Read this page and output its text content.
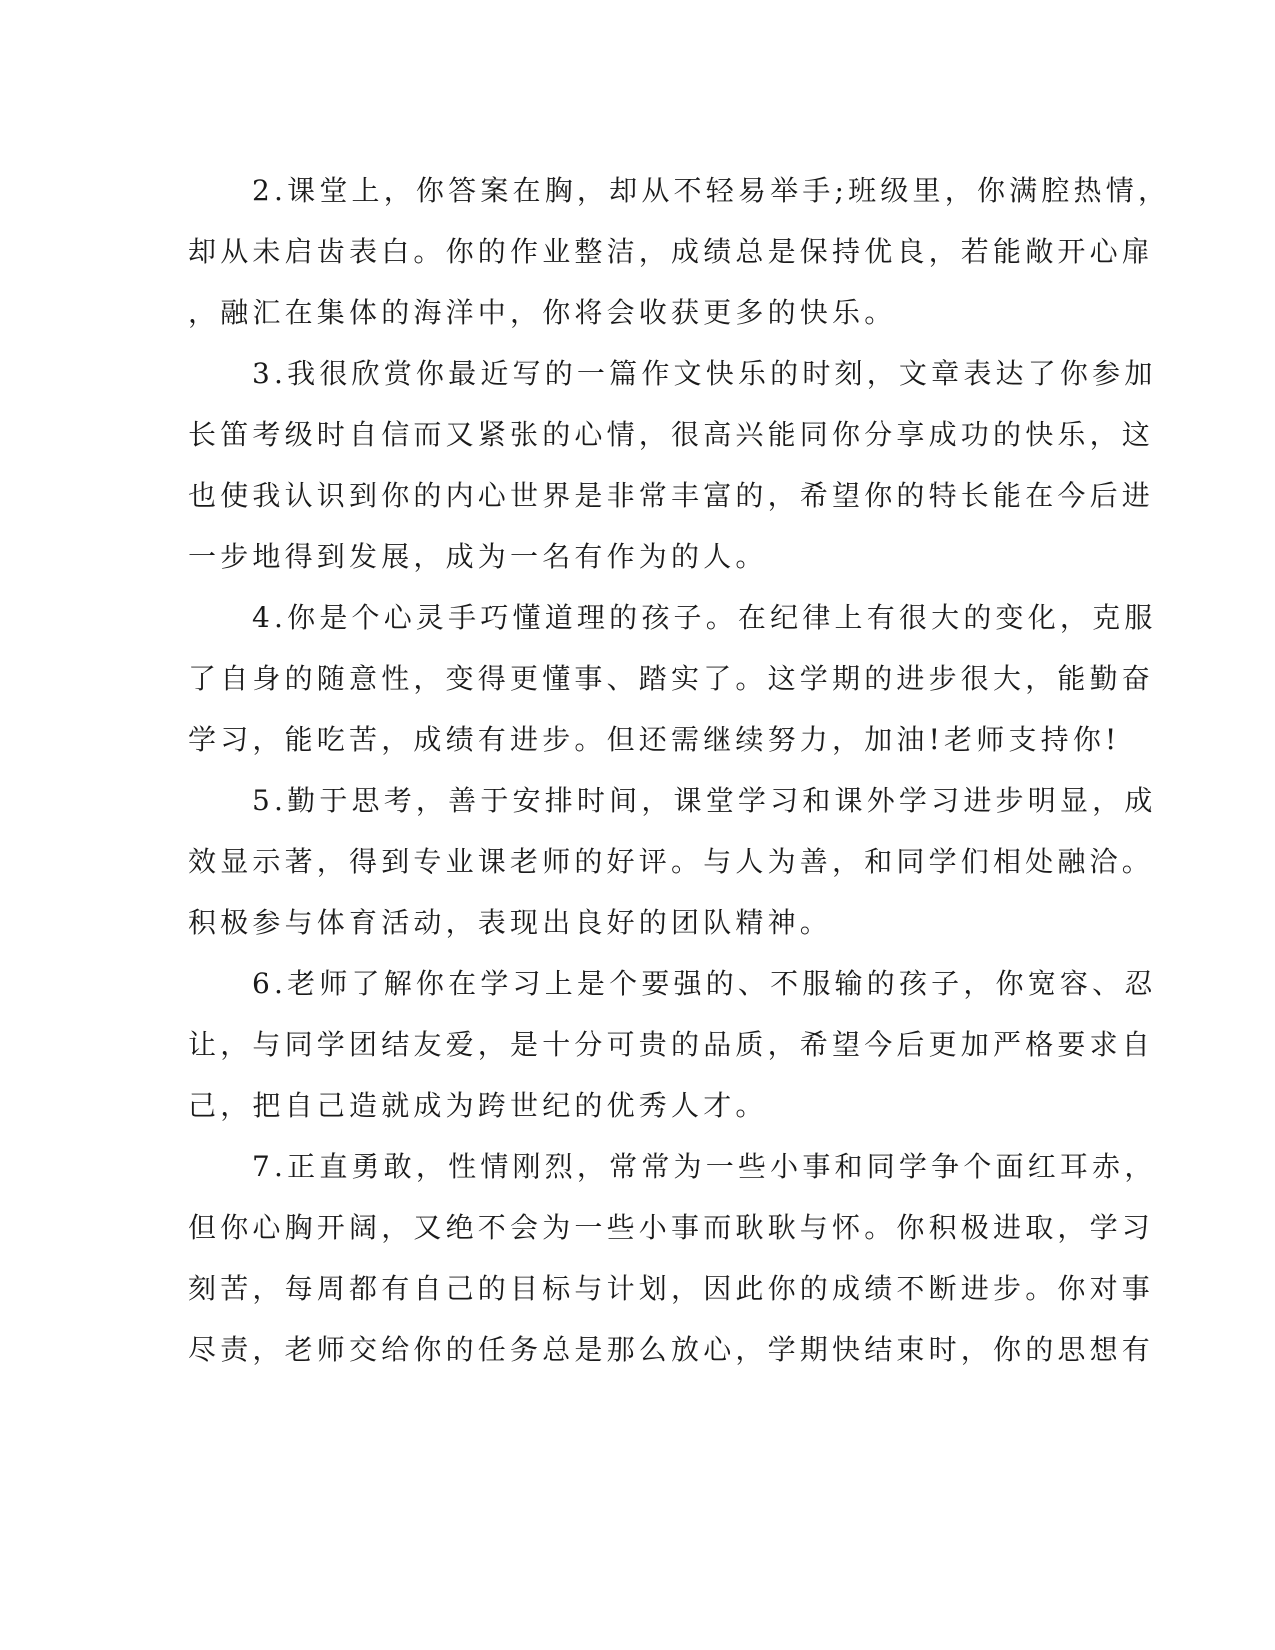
2.课堂上，你答案在胸，却从不轻易举手;班级里，你满腔热情，
却从未启齿表白。你的作业整洁，成绩总是保持优良，若能敞开心扉
，融汇在集体的海洋中，你将会收获更多的快乐。
3.我很欣赏你最近写的一篇作文快乐的时刻，文章表达了你参加
长笛考级时自信而又紧张的心情，很高兴能同你分享成功的快乐，这
也使我认识到你的内心世界是非常丰富的，希望你的特长能在今后进
一步地得到发展，成为一名有作为的人。
4.你是个心灵手巧懂道理的孩子。在纪律上有很大的变化，克服
了自身的随意性，变得更懂事、踏实了。这学期的进步很大，能勤奋
学习，能吃苦，成绩有进步。但还需继续努力，加油!老师支持你!
5.勤于思考，善于安排时间，课堂学习和课外学习进步明显，成
效显示著，得到专业课老师的好评。与人为善，和同学们相处融洽。
积极参与体育活动，表现出良好的团队精神。
6.老师了解你在学习上是个要强的、不服输的孩子，你宽容、忍
让，与同学团结友爱，是十分可贵的品质，希望今后更加严格要求自
己，把自己造就成为跨世纪的优秀人才。
7.正直勇敢，性情刚烈，常常为一些小事和同学争个面红耳赤，
但你心胸开阔，又绝不会为一些小事而耿耿与怀。你积极进取，学习
刻苦，每周都有自己的目标与计划，因此你的成绩不断进步。你对事
尽责，老师交给你的任务总是那么放心，学期快结束时，你的思想有
